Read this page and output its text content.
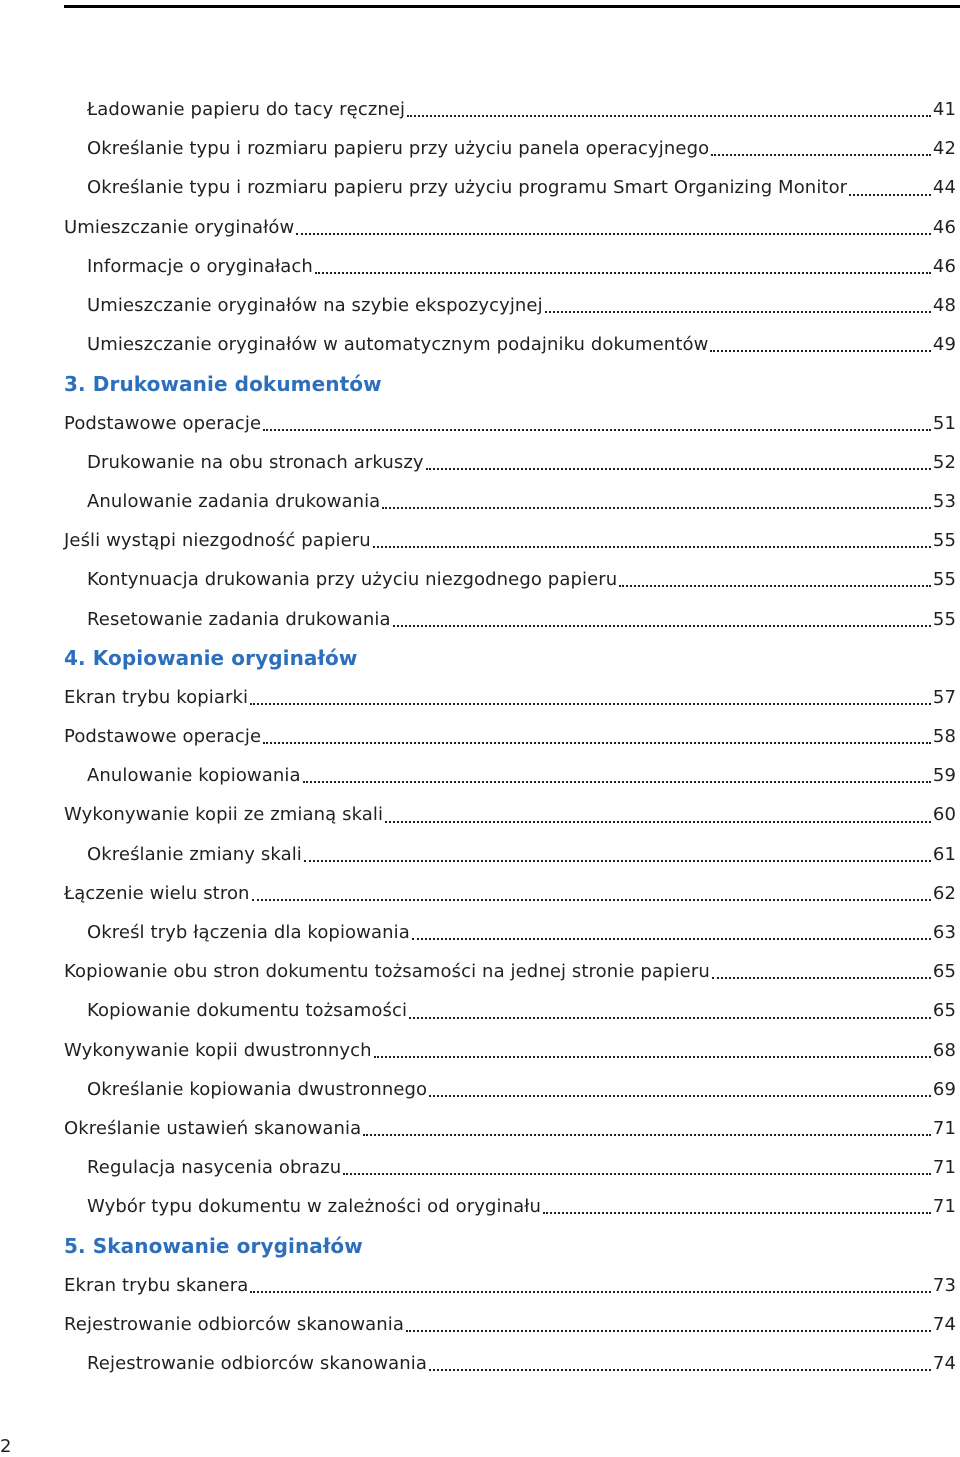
Ładowanie papieru do tacy ręcznej	41
Określanie typu i rozmiaru papieru przy użyciu panela operacyjnego	42
Określanie typu i rozmiaru papieru przy użyciu programu Smart Organizing Monitor	44
Umieszczanie oryginałów	46
Informacje o oryginałach	46
Umieszczanie oryginałów na szybie ekspozycyjnej	48
Umieszczanie oryginałów w automatycznym podajniku dokumentów	49
3. Drukowanie dokumentów
Podstawowe operacje	51
Drukowanie na obu stronach arkuszy	52
Anulowanie zadania drukowania	53
Jeśli wystąpi niezgodność papieru	55
Kontynuacja drukowania przy użyciu niezgodnego papieru	55
Resetowanie zadania drukowania	55
4. Kopiowanie oryginałów
Ekran trybu kopiarki	57
Podstawowe operacje	58
Anulowanie kopiowania	59
Wykonywanie kopii ze zmianą skali	60
Określanie zmiany skali	61
Łączenie wielu stron	62
Określ tryb łączenia dla kopiowania	63
Kopiowanie obu stron dokumentu tożsamości na jednej stronie papieru	65
Kopiowanie dokumentu tożsamości	65
Wykonywanie kopii dwustronnych	68
Określanie kopiowania dwustronnego	69
Określanie ustawień skanowania	71
Regulacja nasycenia obrazu	71
Wybór typu dokumentu w zależności od oryginału	71
5. Skanowanie oryginałów
Ekran trybu skanera	73
Rejestrowanie odbiorców skanowania	74
Rejestrowanie odbiorców skanowania	74
2
